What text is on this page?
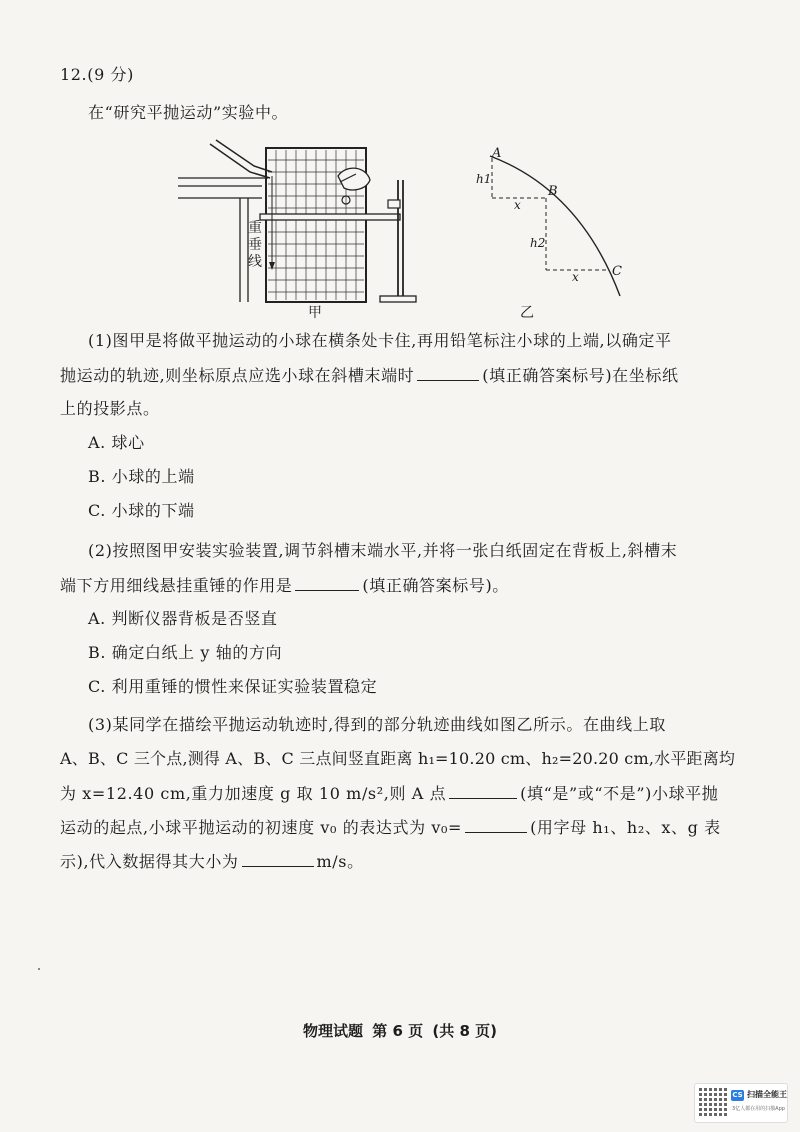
12.(9 分)
在“研究平抛运动”实验中。
重垂线
甲
A
B
C
h1
h2
x
x
乙
(1)图甲是将做平抛运动的小球在横条处卡住,再用铅笔标注小球的上端,以确定平
抛运动的轨迹,则坐标原点应选小球在斜槽末端时	(填正确答案标号)在坐标纸
上的投影点。
A. 球心
B. 小球的上端
C. 小球的下端
(2)按照图甲安装实验装置,调节斜槽末端水平,并将一张白纸固定在背板上,斜槽末
端下方用细线悬挂重锤的作用是	(填正确答案标号)。
A. 判断仪器背板是否竖直
B. 确定白纸上 y 轴的方向
C. 利用重锤的惯性来保证实验装置稳定
(3)某同学在描绘平抛运动轨迹时,得到的部分轨迹曲线如图乙所示。在曲线上取
A、B、C 三个点,测得 A、B、C 三点间竖直距离 h₁=10.20 cm、h₂=20.20 cm,水平距离均
为 x=12.40 cm,重力加速度 g 取 10 m/s²,则 A 点	(填“是”或“不是”)小球平抛
运动的起点,小球平抛运动的初速度 v₀ 的表达式为 v₀=	(用字母 h₁、h₂、x、g 表
示),代入数据得其大小为	m/s。
物理试题 第 6 页 (共 8 页)
CS 扫描全能王
3亿人都在用的扫描App
